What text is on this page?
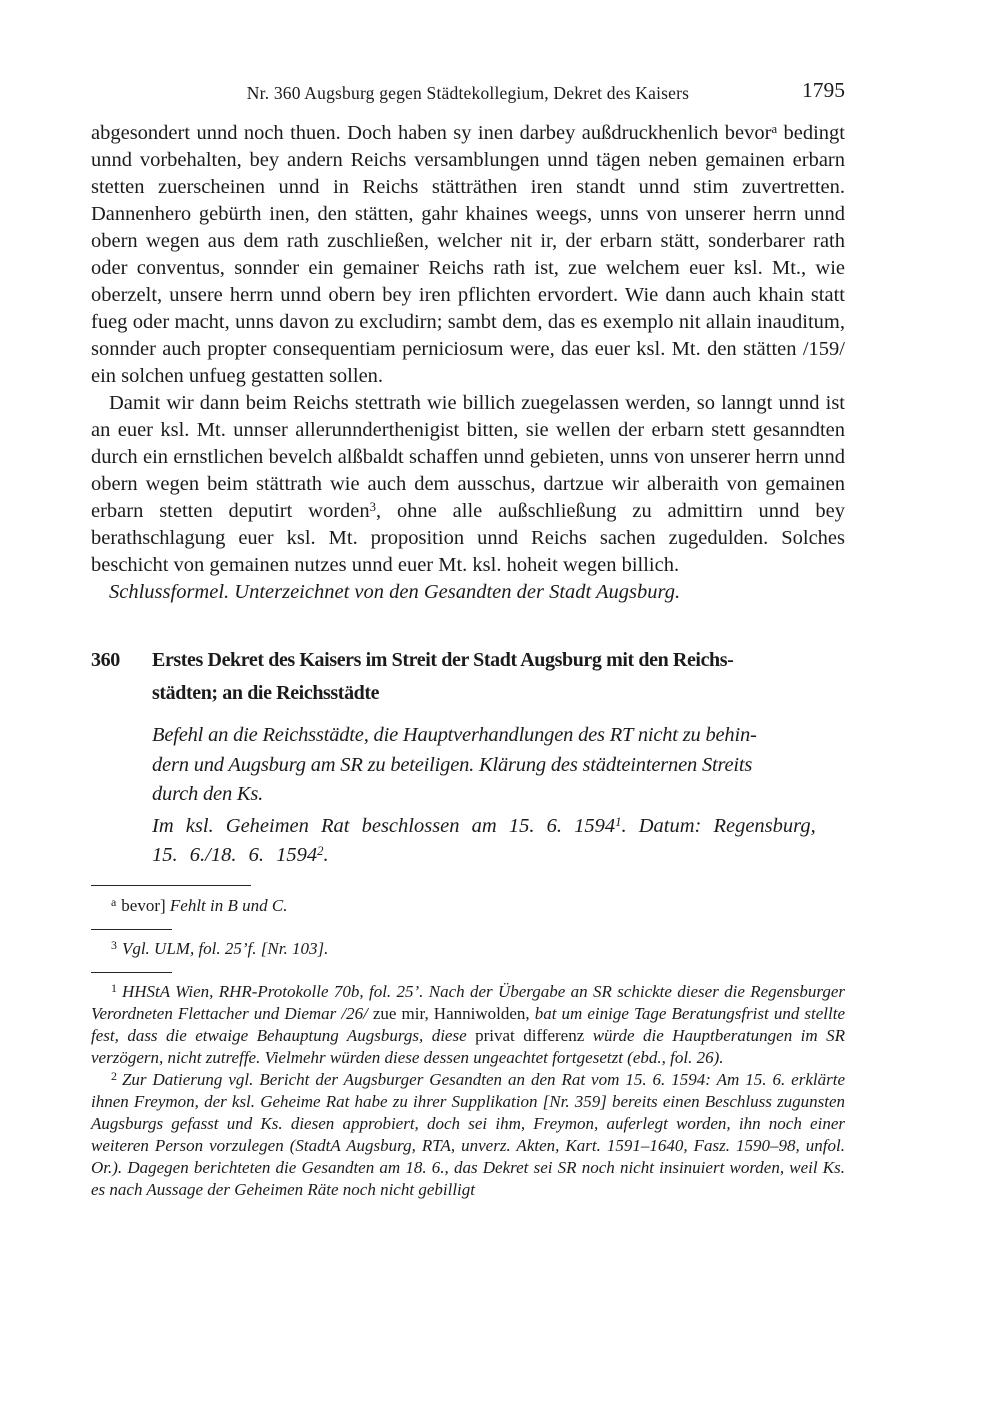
Nr. 360 Augsburg gegen Städtekollegium, Dekret des Kaisers	1795

abgesondert unnd noch thuen. Doch haben sy inen darbey außdruckhenlich bevor$^a$ bedingt unnd vorbehalten, bey andern Reichs versamblungen unnd tägen neben gemainen erbarn stetten zuerscheinen unnd in Reichs stätträthen iren standt unnd stim zuvertretten. Dannenhero gebürth inen, den stätten, gahr khaines weegs, unns von unserer herrn unnd obern wegen aus dem rath zuschließen, welcher nit ir, der erbarn stätt, sonderbarer rath oder conventus, sonnder ein gemainer Reichs rath ist, zue welchem euer ksl. Mt., wie oberzelt, unsere herrn unnd obern bey iren pflichten ervordert. Wie dann auch khain statt fueg oder macht, unns davon zu excludirn; sambt dem, das es exemplo nit allain inauditum, sonnder auch propter consequentiam perniciosum were, das euer ksl. Mt. den stätten /159/ ein solchen unfueg gestatten sollen.

Damit wir dann beim Reichs stettrath wie billich zuegelassen werden, so lanngt unnd ist an euer ksl. Mt. unnser allerunnderthenigist bitten, sie wellen der erbarn stett gesanndten durch ein ernstlichen bevelch alßbaldt schaffen unnd gebieten, unns von unserer herrn unnd obern wegen beim stättrath wie auch dem ausschus, dartzue wir alberaith von gemainen erbarn stetten deputirt worden$^3$, ohne alle außschließung zu admittirn unnd bey berathschlagung euer ksl. Mt. proposition unnd Reichs sachen zugedulden. Solches beschicht von gemainen nutzes unnd euer Mt. ksl. hoheit wegen billich.

Schlussformel. Unterzeichnet von den Gesandten der Stadt Augsburg.

360	Erstes Dekret des Kaisers im Streit der Stadt Augsburg mit den Reichs-
städten; an die Reichsstädte
Befehl an die Reichsstädte, die Hauptverhandlungen des RT nicht zu behin-
dern und Augsburg am SR zu beteiligen. Klärung des städteinternen Streits
durch den Ks.

Im ksl. Geheimen Rat beschlossen am 15. 6. 1594$^1$. Datum: Regensburg,
15. 6./18. 6. 1594$^2$.

$^a$ bevor] Fehlt in B und C.

$^3$ Vgl. ULM, fol. 25’f. [Nr. 103].

$^1$ HHStA Wien, RHR-Protokolle 70b, fol. 25’. Nach der Übergabe an SR schickte dieser die Regensburger Verordneten Flettacher und Diemar /26/ zue mir, Hanniwolden, bat um einige Tage Beratungsfrist und stellte fest, dass die etwaige Behauptung Augsburgs, diese privat differenz würde die Hauptberatungen im SR verzögern, nicht zutreffe. Vielmehr würden diese dessen ungeachtet fortgesetzt (ebd., fol. 26).

$^2$ Zur Datierung vgl. Bericht der Augsburger Gesandten an den Rat vom 15. 6. 1594: Am 15. 6. erklärte ihnen Freymon, der ksl. Geheime Rat habe zu ihrer Supplikation [Nr. 359] bereits einen Beschluss zugunsten Augsburgs gefasst und Ks. diesen approbiert, doch sei ihm, Freymon, auferlegt worden, ihn noch einer weiteren Person vorzulegen (StadtA Augsburg, RTA, unverz. Akten, Kart. 1591–1640, Fasz. 1590–98, unfol. Or.). Dagegen berichteten die Gesandten am 18. 6., das Dekret sei SR noch nicht insinuiert worden, weil Ks. es nach Aussage der Geheimen Räte noch nicht gebilligt
